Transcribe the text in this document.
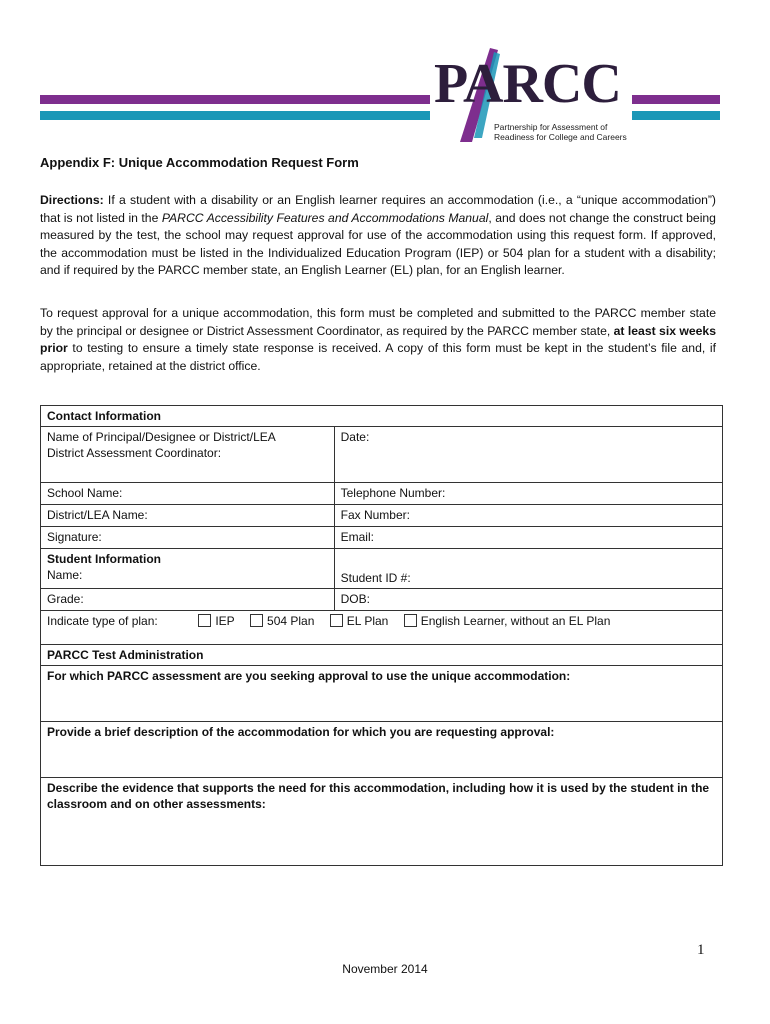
PARCC
Partnership for Assessment of
Readiness for College and Careers
Appendix F: Unique Accommodation Request Form

Directions: If a student with a disability or an English learner requires an accommodation (i.e., a “unique accommodation”) that is not listed in the PARCC Accessibility Features and Accommodations Manual, and does not change the construct being measured by the test, the school may request approval for use of the accommodation using this request form. If approved, the accommodation must be listed in the Individualized Education Program (IEP) or 504 plan for a student with a disability; and if required by the PARCC member state, an English Learner (EL) plan, for an English learner.

To request approval for a unique accommodation, this form must be completed and submitted to the PARCC member state by the principal or designee or District Assessment Coordinator, as required by the PARCC member state, at least six weeks prior to testing to ensure a timely state response is received. A copy of this form must be kept in the student’s file and, if appropriate, retained at the district office.

Contact Information	

Name of Principal/Designee or District/LEA
District Assessment Coordinator:	Date:
School Name:	Telephone Number:
District/LEA Name:	Fax Number:
Signature:	Email:

Student Information
Name:	Student ID #:
Grade:	DOB:
Indicate type of plan: IEP 504 Plan EL Plan English Learner, without an EL Plan	
PARCC Test Administration	
For which PARCC assessment are you seeking approval to use the unique accommodation:	
Provide a brief description of the accommodation for which you are requesting approval:	
Describe the evidence that supports the need for this accommodation, including how it is used by the student in the classroom and on other assessments:	
1
November 2014
